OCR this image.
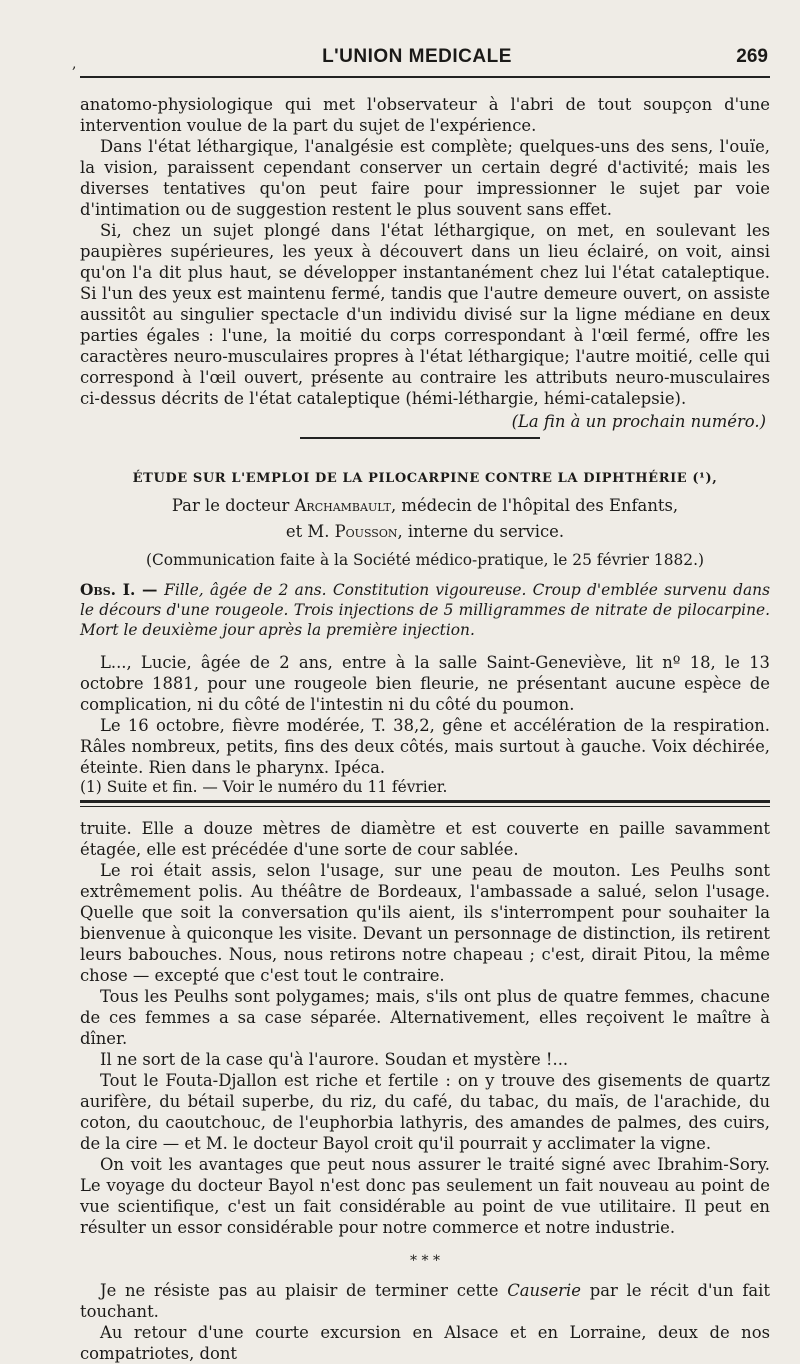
,	L'UNION MEDICALE	269

anatomo-physiologique qui met l'observateur à l'abri de tout soupçon d'une intervention voulue de la part du sujet de l'expérience.

Dans l'état léthargique, l'analgésie est complète; quelques-uns des sens, l'ouïe, la vision, paraissent cependant conserver un certain degré d'activité; mais les diverses tentatives qu'on peut faire pour impressionner le sujet par voie d'intimation ou de suggestion restent le plus souvent sans effet.

Si, chez un sujet plongé dans l'état léthargique, on met, en soulevant les paupières supérieures, les yeux à découvert dans un lieu éclairé, on voit, ainsi qu'on l'a dit plus haut, se développer instantanément chez lui l'état cataleptique. Si l'un des yeux est maintenu fermé, tandis que l'autre demeure ouvert, on assiste aussitôt au singulier spectacle d'un individu divisé sur la ligne médiane en deux parties égales : l'une, la moitié du corps correspondant à l'œil fermé, offre les caractères neuro-musculaires propres à l'état léthargique; l'autre moitié, celle qui correspond à l'œil ouvert, présente au contraire les attributs neuro-musculaires ci-dessus décrits de l'état cataleptique (hémi-léthargie, hémi-catalepsie).

(La fin à un prochain numéro.)

ÉTUDE SUR L'EMPLOI DE LA PILOCARPINE CONTRE LA DIPHTHÉRIE (¹),

Par le docteur Archambault, médecin de l'hôpital des Enfants,

et M. Pousson, interne du service.

(Communication faite à la Société médico-pratique, le 25 février 1882.)

Obs. I. — Fille, âgée de 2 ans. Constitution vigoureuse. Croup d'emblée survenu dans le décours d'une rougeole. Trois injections de 5 milligrammes de nitrate de pilocarpine. Mort le deuxième jour après la première injection.

L..., Lucie, âgée de 2 ans, entre à la salle Saint-Geneviève, lit nº 18, le 13 octobre 1881, pour une rougeole bien fleurie, ne présentant aucune espèce de complication, ni du côté de l'intestin ni du côté du poumon.

Le 16 octobre, fièvre modérée, T. 38,2, gêne et accélération de la respiration. Râles nombreux, petits, fins des deux côtés, mais surtout à gauche. Voix déchirée, éteinte. Rien dans le pharynx. Ipéca.

(1) Suite et fin. — Voir le numéro du 11 février.

truite. Elle a douze mètres de diamètre et est couverte en paille savamment étagée, elle est précédée d'une sorte de cour sablée.

Le roi était assis, selon l'usage, sur une peau de mouton. Les Peulhs sont extrêmement polis. Au théâtre de Bordeaux, l'ambassade a salué, selon l'usage. Quelle que soit la conversation qu'ils aient, ils s'interrompent pour souhaiter la bienvenue à quiconque les visite. Devant un personnage de distinction, ils retirent leurs babouches. Nous, nous retirons notre chapeau ; c'est, dirait Pitou, la même chose — excepté que c'est tout le contraire.

Tous les Peulhs sont polygames; mais, s'ils ont plus de quatre femmes, chacune de ces femmes a sa case séparée. Alternativement, elles reçoivent le maître à dîner.

Il ne sort de la case qu'à l'aurore. Soudan et mystère !...

Tout le Fouta-Djallon est riche et fertile : on y trouve des gisements de quartz aurifère, du bétail superbe, du riz, du café, du tabac, du maïs, de l'arachide, du coton, du caoutchouc, de l'euphorbia lathyris, des amandes de palmes, des cuirs, de la cire — et M. le docteur Bayol croit qu'il pourrait y acclimater la vigne.

On voit les avantages que peut nous assurer le traité signé avec Ibrahim-Sory. Le voyage du docteur Bayol n'est donc pas seulement un fait nouveau au point de vue scientifique, c'est un fait considérable au point de vue utilitaire. Il peut en résulter un essor considérable pour notre commerce et notre industrie.

* * *

Je ne résiste pas au plaisir de terminer cette Causerie par le récit d'un fait touchant.

Au retour d'une courte excursion en Alsace et en Lorraine, deux de nos compatriotes, dont
